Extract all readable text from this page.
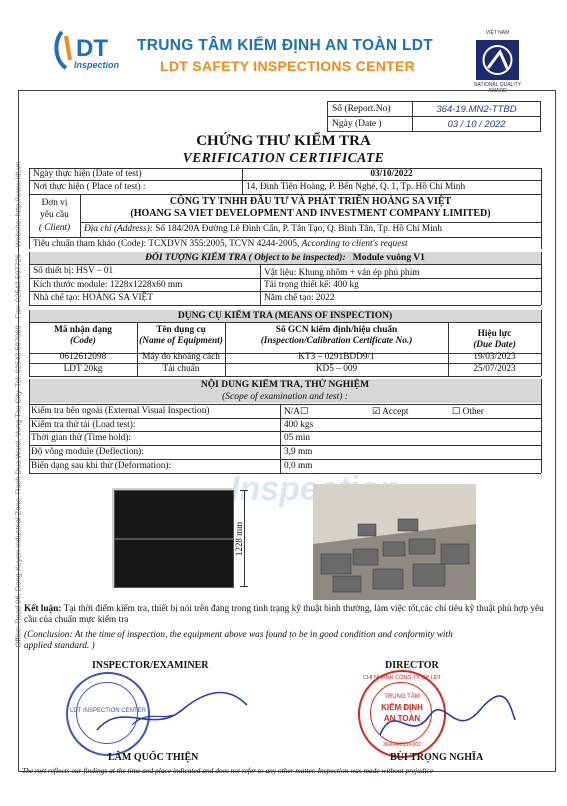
Office: Road 06, Dong Xuyen Industrial Zone, Rach Dua Ward, Vung Tau City. Tel: 02543.597969 - Fax: 02543.597726 - Website: http://www.ldt.vn
DT
Inspection
TRUNG TÂM KIỂM ĐỊNH AN TOÀN LDT
LDT SAFETY INSPECTIONS CENTER
VIỆT NAM
NATIONAL QUALITY AWARD
Số (Report.No)	364-19.MN2-TTBD
Ngày (Date )	03 / 10 / 2022
CHỨNG THƯ KIỂM TRA
VERIFICATION CERTIFICATE
Ngày thực hiện (Date of test)	03/10/2022
Nơi thực hiện ( Place of test) :	14, Đinh Tiên Hoàng, P. Bến Nghé, Q. 1, Tp. Hồ Chí Minh
Đơn vị
yêu cầu
( Client)
CÔNG TY TNHH ĐẦU TƯ VÀ PHÁT TRIỂN HOÀNG SA VIỆT
(HOANG SA VIET DEVELOPMENT AND INVESTMENT COMPANY LIMITED)
Địa chỉ (Address): Số 184/20A Đường Lê Đình Cẩn, P. Tân Tạo, Q. Bình Tân, Tp. Hồ Chí Minh
Tiêu chuẩn tham khảo (Code): TCXDVN 355:2005, TCVN 4244-2005, According to client's request
ĐỐI TƯỢNG KIỂM TRA ( Object to be inspected): Module vuông V1
Số thiết bị: HSV – 01	Vật liệu: Khung nhôm + ván ép phủ phim
Kích thước module: 1228x1228x60 mm	Tải trọng thiết kế: 400 kg
Nhà chế tạo: HOÀNG SA VIỆT	Năm chế tạo: 2022
DỤNG CỤ KIỂM TRA (MEANS OF INSPECTION)
Mã nhận dạng
(Code)
Tên dụng cụ
(Name of Equipment)
Số GCN kiểm định/hiệu chuẩn
(Inspection/Calibration Certificate No.)
Hiệu lực
(Due Date)
0612612098	Máy đo khoảng cách	KT3 – 0291BDD9/1	19/03/2023
LDT 20kg	Tải chuẩn	KD5 – 009	25/07/2023
NỘI DUNG KIỂM TRA, THỬ NGHIỆM
(Scope of examination and test) :
Kiểm tra bên ngoài (External Visual Inspection)	N/A☐	☑ Accept	☐ Other
Kiểm tra thử tải (Load test):	400 kgs
Thời gian thử (Time hold):	05 min
Độ võng module (Deflection):	3,9 mm
Biến dạng sau khi thử (Deformation):	0,0 mm
1228 mm
Kết luận: Tại thời điểm kiểm tra, thiết bị nói trên đang trong tình trạng kỹ thuật bình thường, làm việc tốt,các chỉ tiêu kỹ thuật phù hợp yêu cầu của chuẩn mực kiểm tra
(Conclusion: At the time of inspection, the equipment above was found to be in good condition and conformity with
applied standard. )
INSPECTOR/EXAMINER	DIRECTOR
LDT INSPECTION CENTER
LÂM QUỐC THIỆN
CHI NHÁNH CÔNG TY CP LDT
TRUNG TÂM
KIỂM ĐỊNH
AN TOÀN
3600448839-002
BÙI TRỌNG NGHĨA
The rort reflects our findings at the time and place indicated and does not refer to any other matter. Inspection was made without prejudice
